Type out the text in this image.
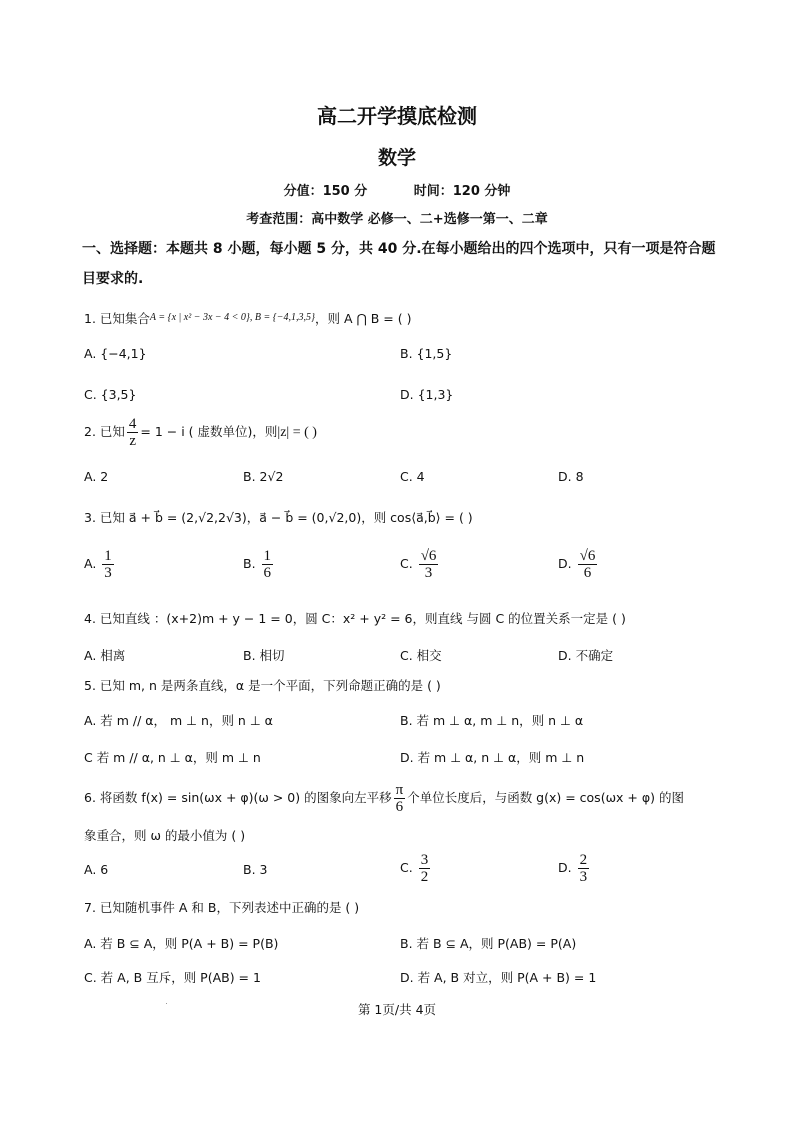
高二开学摸底检测
数学
分值：150 分	时间：120 分钟
考查范围：高中数学 必修一、二+选修一第一、二章
一、选择题：本题共 8 小题，每小题 5 分，共 40 分.在每小题给出的四个选项中，只有一项是符合题目要求的.
1. 已知集合$^{A = \{x | x^2 - 3x - 4 < 0\}, B = \{-4,1,3,5\}}$，则 A ⋂ B = ( )
A. {−4,1}	B. {1,5}
C. {3,5}	D. {1,3}
2. 已知 $\frac{4}{z} = 1 - i$ ( 虚数单位)，则|z| = ( )
A. 2	B. 2√2	C. 4	D. 8
3. 已知 a⃗ + b⃗ = (2,√2,2√3)，a⃗ − b⃗ = (0,√2,0)，则 cos⟨a⃗,b⃗⟩ = ( )
A. $\frac{1}{3}$	B. $\frac{1}{6}$	C. $\frac{√6}{3}$	D. $\frac{√6}{6}$
4. 已知直线 ：(x+2)m + y − 1 = 0，圆 C：x² + y² = 6，则直线 与圆 C 的位置关系一定是 ( )
A. 相离	B. 相切	C. 相交	D. 不确定
5. 已知 m, n 是两条直线，α 是一个平面，下列命题正确的是 ( )
A. 若 m // α， m ⊥ n，则 n ⊥ α	B. 若 m ⊥ α, m ⊥ n，则 n ⊥ α
C 若 m // α, n ⊥ α，则 m ⊥ n	D. 若 m ⊥ α, n ⊥ α，则 m ⊥ n
6. 将函数 f(x) = sin(ωx + φ)(ω > 0) 的图象向左平移 $\frac{\pi}{6}$ 个单位长度后，与函数 g(x) = cos(ωx + φ) 的图
象重合，则 ω 的最小值为 ( )
A. 6	B. 3	C. $\frac{3}{2}$	D. $\frac{2}{3}$
7. 已知随机事件 A 和 B，下列表述中正确的是 ( )
A. 若 B ⊆ A，则 P(A + B) = P(B)	B. 若 B ⊆ A，则 P(AB) = P(A)
C. 若 A, B 互斥，则 P(AB) = 1	D. 若 A, B 对立，则 P(A + B) = 1
第 1页/共 4页
